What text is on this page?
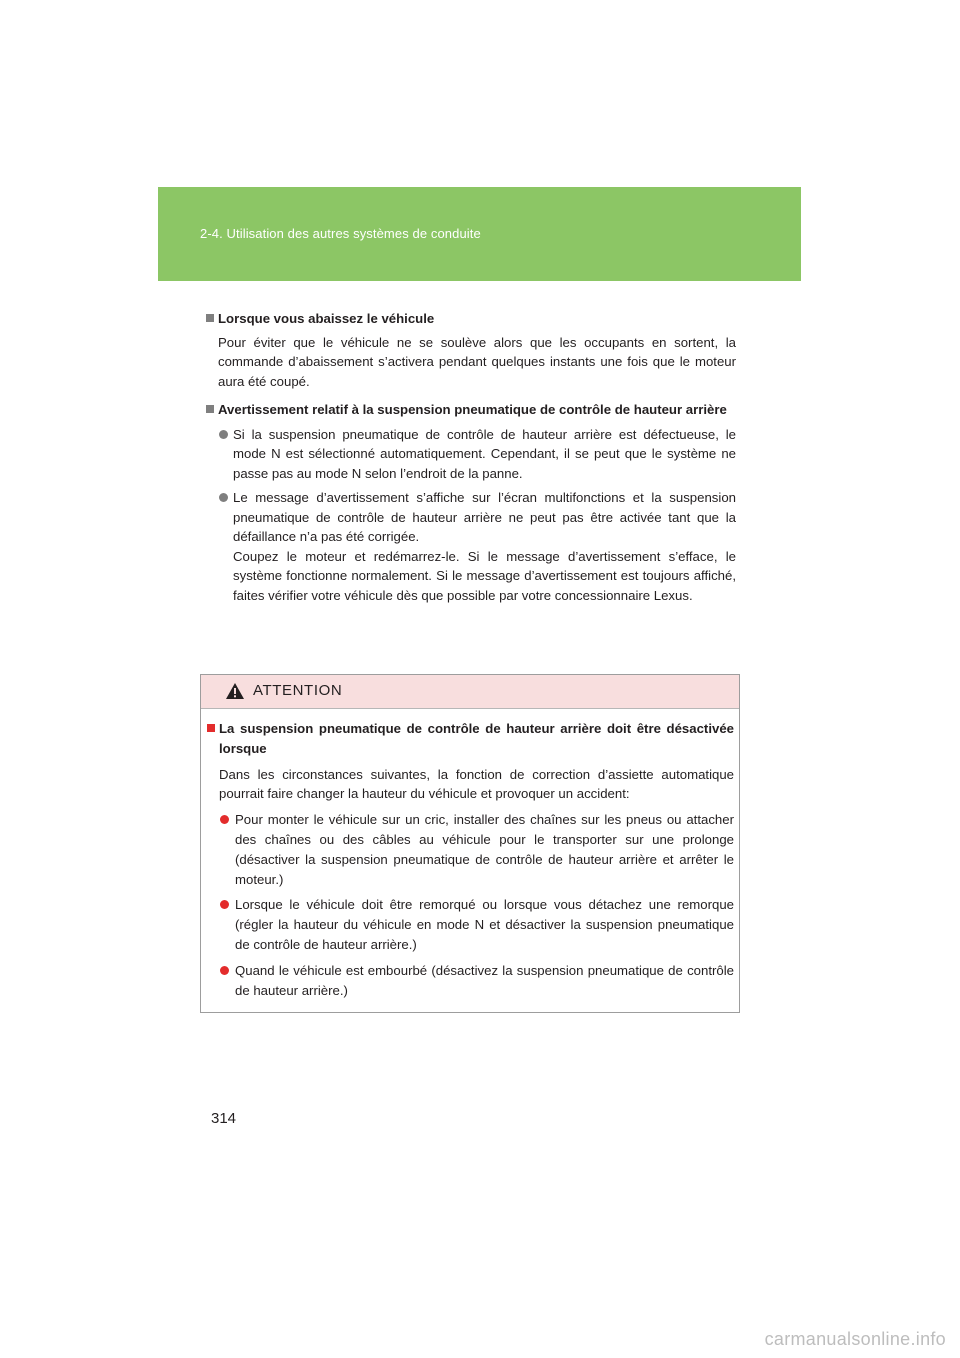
2-4. Utilisation des autres systèmes de conduite

Lorsque vous abaissez le véhicule

Pour éviter que le véhicule ne se soulève alors que les occupants en sortent, la commande d’abaissement s’activera pendant quelques instants une fois que le moteur aura été coupé.

Avertissement relatif à la suspension pneumatique de contrôle de hauteur arrière

Si la suspension pneumatique de contrôle de hauteur arrière est défectueuse, le mode N est sélectionné automatiquement. Cependant, il se peut que le système ne passe pas au mode N selon l’endroit de la panne.

Le message d’avertissement s’affiche sur l’écran multifonctions et la suspension pneumatique de contrôle de hauteur arrière ne peut pas être activée tant que la défaillance n’a pas été corrigée.

Coupez le moteur et redémarrez-le. Si le message d’avertissement s’efface, le système fonctionne normalement. Si le message d’avertissement est toujours affiché, faites vérifier votre véhicule dès que possible par votre concessionnaire Lexus.

ATTENTION

La suspension pneumatique de contrôle de hauteur arrière doit être désactivée lorsque

Dans les circonstances suivantes, la fonction de correction d’assiette automatique pourrait faire changer la hauteur du véhicule et provoquer un accident:

Pour monter le véhicule sur un cric, installer des chaînes sur les pneus ou attacher des chaînes ou des câbles au véhicule pour le transporter sur une prolonge (désactiver la suspension pneumatique de contrôle de hauteur arrière et arrêter le moteur.)

Lorsque le véhicule doit être remorqué ou lorsque vous détachez une remorque (régler la hauteur du véhicule en mode N et désactiver la suspension pneumatique de contrôle de hauteur arrière.)

Quand le véhicule est embourbé (désactivez la suspension pneumatique de contrôle de hauteur arrière.)

314
carmanualsonline.info
